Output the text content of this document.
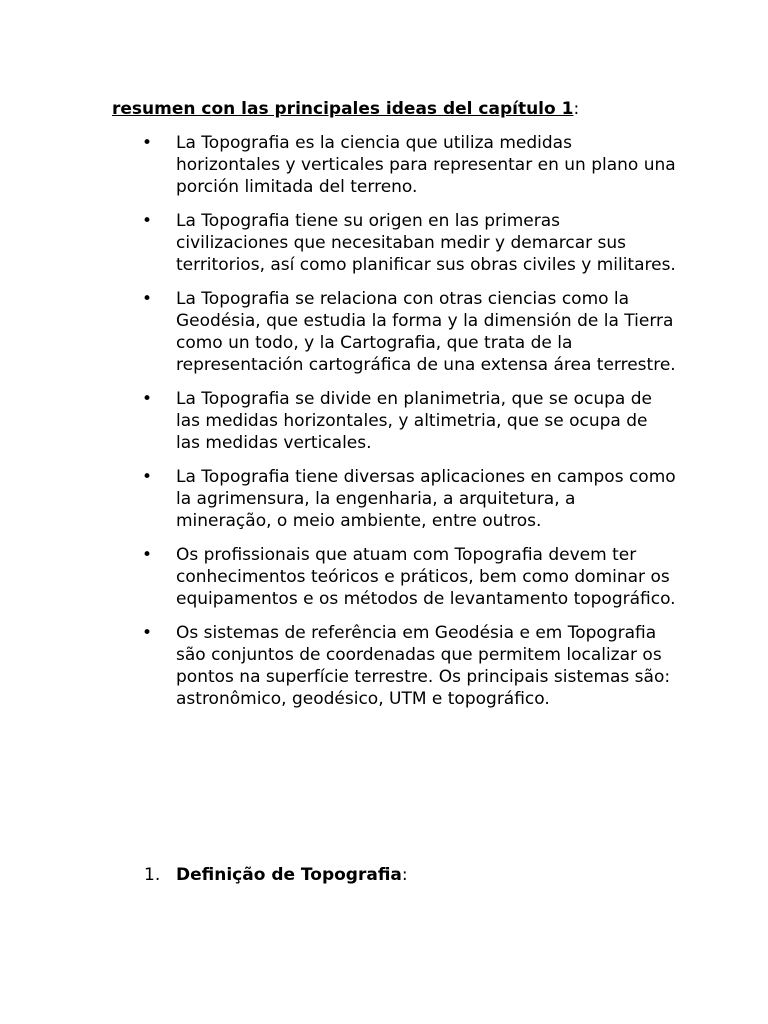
resumen con las principales ideas del capítulo 1:
• La Topografia es la ciencia que utiliza medidas horizontales y verticales para representar en un plano una porción limitada del terreno.
• La Topografia tiene su origen en las primeras civilizaciones que necesitaban medir y demarcar sus territorios, así como planificar sus obras civiles y militares.
• La Topografia se relaciona con otras ciencias como la Geodésia, que estudia la forma y la dimensión de la Tierra como un todo, y la Cartografia, que trata de la representación cartográfica de una extensa área terrestre.
• La Topografia se divide en planimetria, que se ocupa de las medidas horizontales, y altimetria, que se ocupa de las medidas verticales.
• La Topografia tiene diversas aplicaciones en campos como la agrimensura, la engenharia, a arquitetura, a mineração, o meio ambiente, entre outros.
• Os profissionais que atuam com Topografia devem ter conhecimentos teóricos e práticos, bem como dominar os equipamentos e os métodos de levantamento topográfico.
• Os sistemas de referência em Geodésia e em Topografia são conjuntos de coordenadas que permitem localizar os pontos na superfície terrestre. Os principais sistemas são: astronômico, geodésico, UTM e topográfico.
1. Definição de Topografia:
